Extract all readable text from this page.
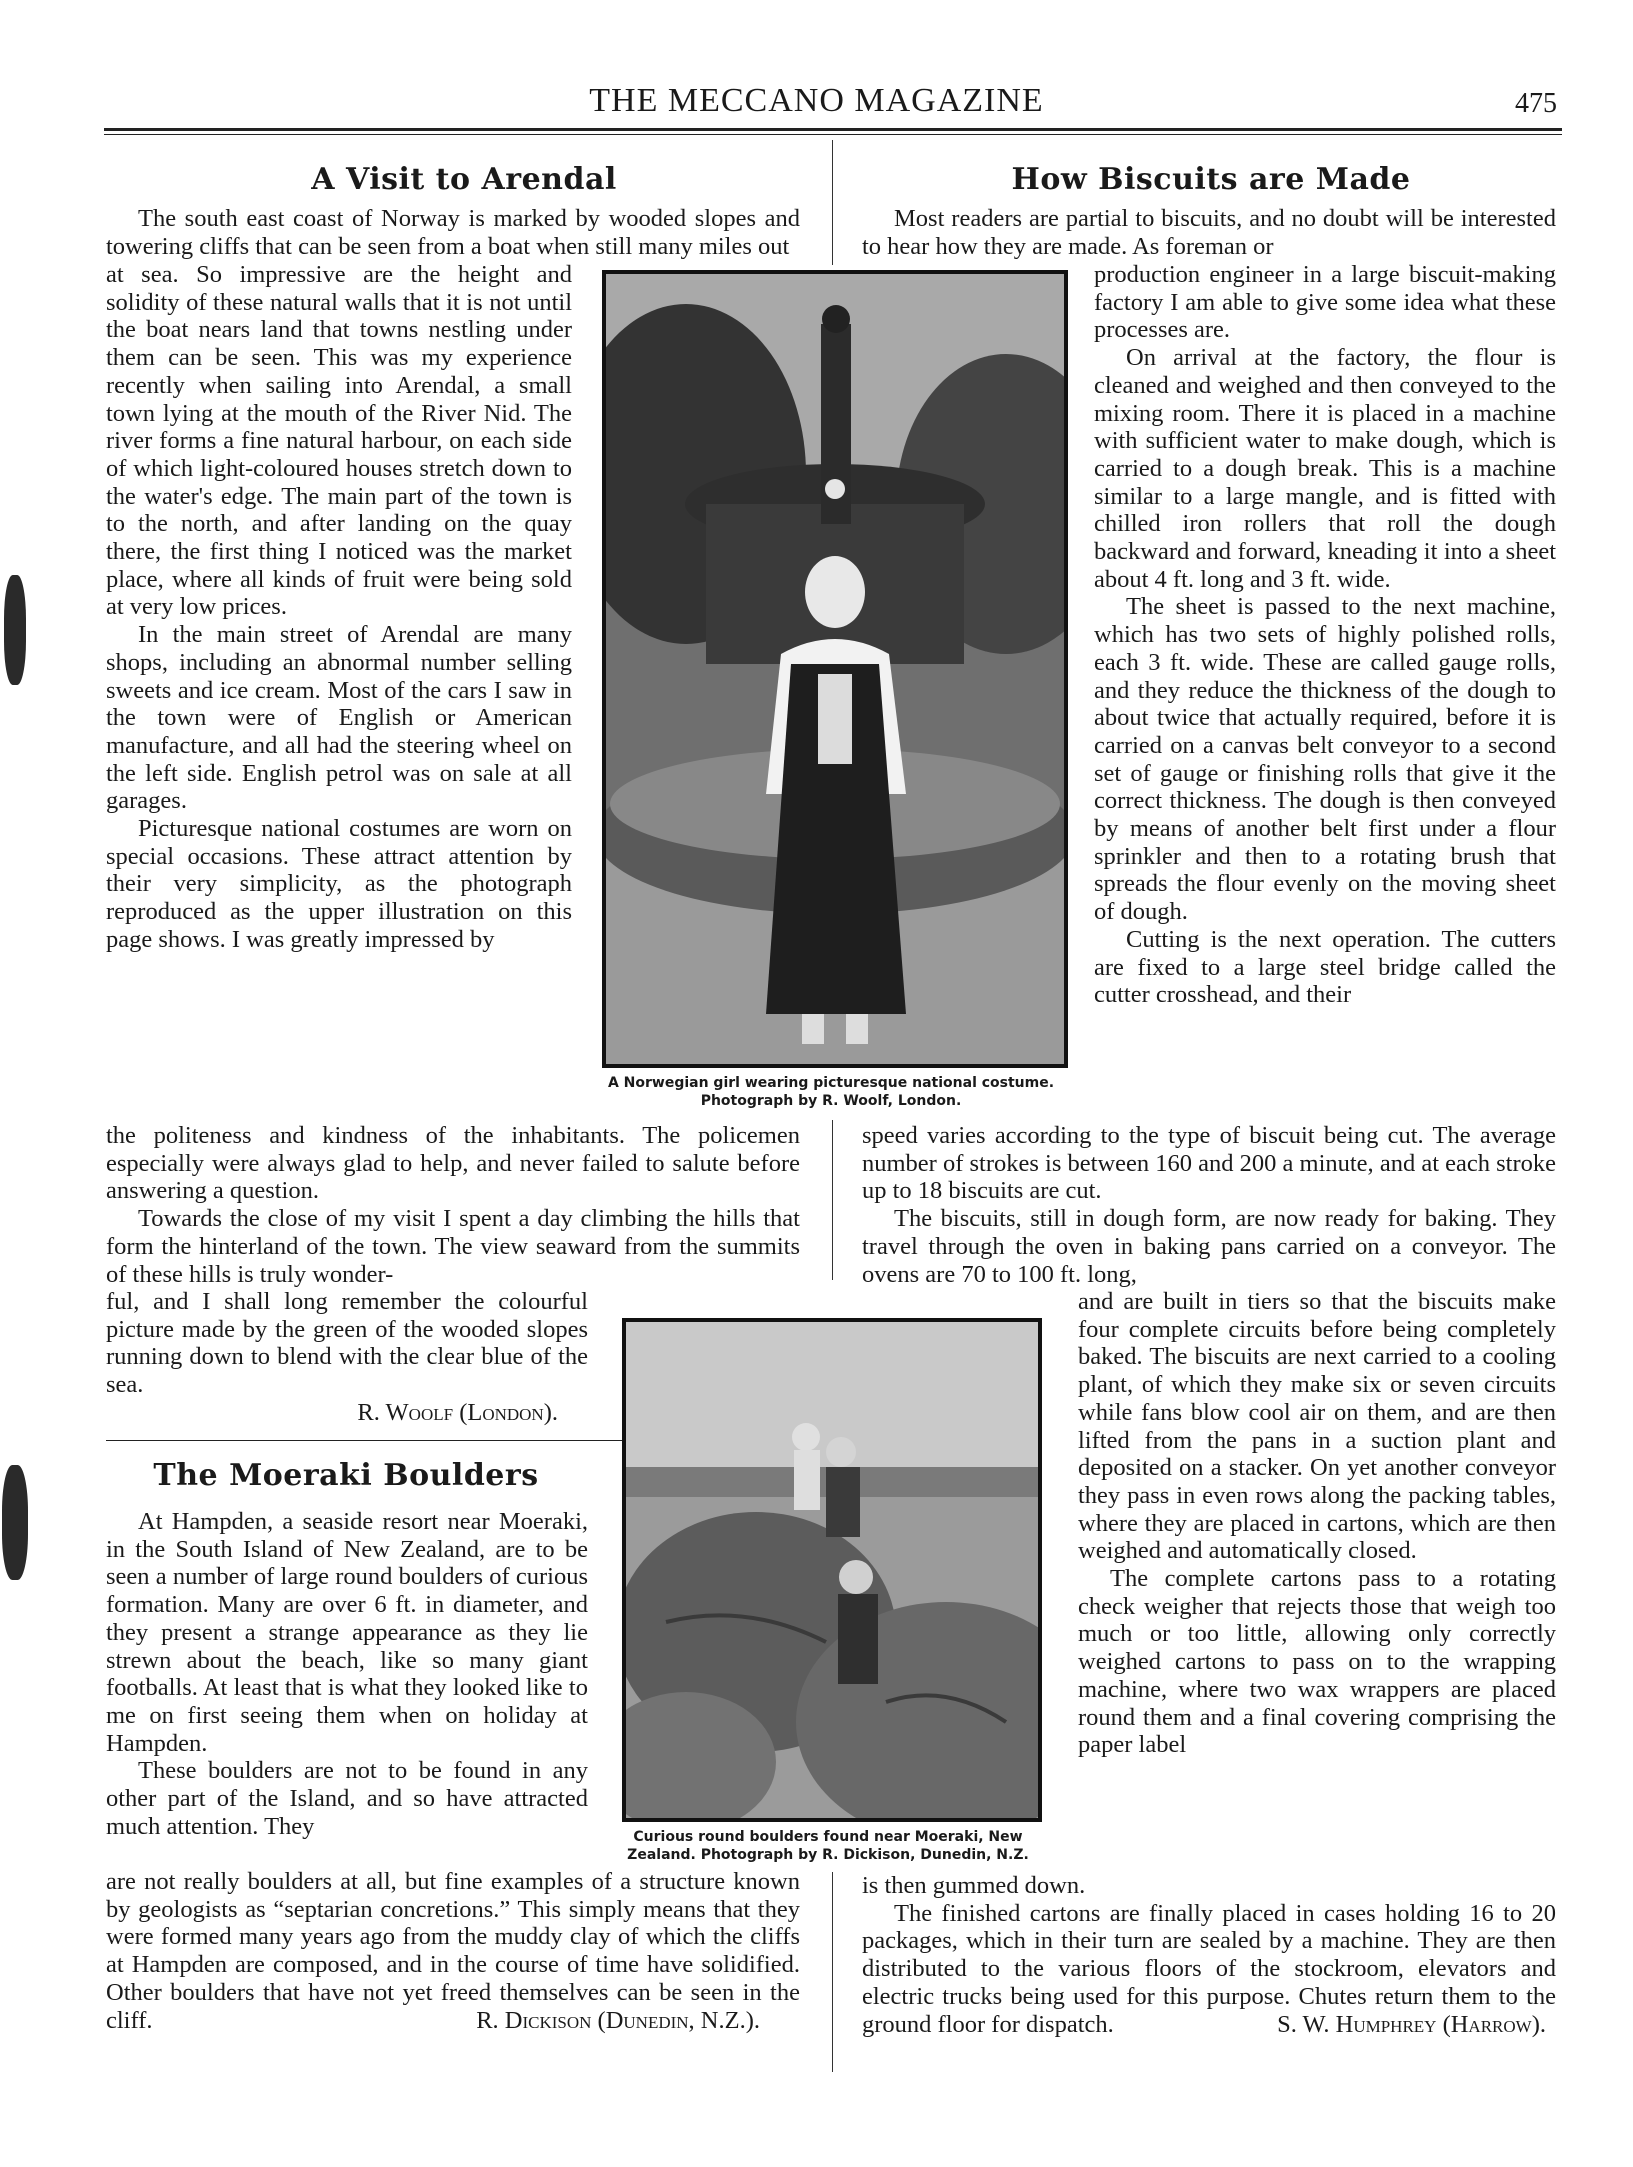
THE MECCANO MAGAZINE	475
A Visit to Arendal

The south east coast of Norway is marked by wooded slopes and towering cliffs that can be seen from a boat when still many miles out

at sea. So impressive are the height and solidity of these natural walls that it is not until the boat nears land that towns nestling under them can be seen. This was my experience recently when sailing into Arendal, a small town lying at the mouth of the River Nid. The river forms a fine natural harbour, on each side of which light-coloured houses stretch down to the water's edge. The main part of the town is to the north, and after landing on the quay there, the first thing I noticed was the market place, where all kinds of fruit were being sold at very low prices.

In the main street of Arendal are many shops, including an abnormal number selling sweets and ice cream. Most of the cars I saw in the town were of English or American manufacture, and all had the steering wheel on the left side. English petrol was on sale at all garages.

Picturesque national costumes are worn on special occasions. These attract attention by their very simplicity, as the photograph reproduced as the upper illustration on this page shows. I was greatly impressed by

the politeness and kindness of the inhabitants. The policemen especially were always glad to help, and never failed to salute before answering a question.

Towards the close of my visit I spent a day climbing the hills that form the hinterland of the town. The view seaward from the summits of these hills is truly wonder-

ful, and I shall long remember the colourful picture made by the green of the wooded slopes running down to blend with the clear blue of the sea.

R. Woolf (London).
A Norwegian girl wearing picturesque national costume.
Photograph by R. Woolf, London.
The Moeraki Boulders

At Hampden, a seaside resort near Moeraki, in the South Island of New Zealand, are to be seen a number of large round boulders of curious formation. Many are over 6 ft. in diameter, and they present a strange appearance as they lie strewn about the beach, like so many giant footballs. At least that is what they looked like to me on first seeing them when on holiday at Hampden.

These boulders are not to be found in any other part of the Island, and so have attracted much attention. They

are not really boulders at all, but fine examples of a structure known by geologists as “septarian concretions.” This simply means that they were formed many years ago from the muddy clay of which the cliffs at Hampden are composed, and in the course of time have solidified. Other boulders that have not yet freed themselves can be seen in the cliff.	R. Dickison (Dunedin, N.Z.).
Curious round boulders found near Moeraki, New
Zealand. Photograph by R. Dickison, Dunedin, N.Z.
How Biscuits are Made

Most readers are partial to biscuits, and no doubt will be interested to hear how they are made. As foreman or

production engineer in a large biscuit-making factory I am able to give some idea what these processes are.

On arrival at the factory, the flour is cleaned and weighed and then conveyed to the mixing room. There it is placed in a machine with sufficient water to make dough, which is carried to a dough break. This is a machine similar to a large mangle, and is fitted with chilled iron rollers that roll the dough backward and forward, kneading it into a sheet about 4 ft. long and 3 ft. wide.

The sheet is passed to the next machine, which has two sets of highly polished rolls, each 3 ft. wide. These are called gauge rolls, and they reduce the thickness of the dough to about twice that actually required, before it is carried on a canvas belt conveyor to a second set of gauge or finishing rolls that give it the correct thickness. The dough is then conveyed by means of another belt first under a flour sprinkler and then to a rotating brush that spreads the flour evenly on the moving sheet of dough.

Cutting is the next operation. The cutters are fixed to a large steel bridge called the cutter crosshead, and their

speed varies according to the type of biscuit being cut. The average number of strokes is between 160 and 200 a minute, and at each stroke up to 18 biscuits are cut.

The biscuits, still in dough form, are now ready for baking. They travel through the oven in baking pans carried on a conveyor. The ovens are 70 to 100 ft. long,

and are built in tiers so that the biscuits make four complete circuits before being completely baked. The biscuits are next carried to a cooling plant, of which they make six or seven circuits while fans blow cool air on them, and are then lifted from the pans in a suction plant and deposited on a stacker. On yet another conveyor they pass in even rows along the packing tables, where they are placed in cartons, which are then weighed and automatically closed.

The complete cartons pass to a rotating check weigher that rejects those that weigh too much or too little, allowing only correctly weighed cartons to pass on to the wrapping machine, where two wax wrappers are placed round them and a final covering comprising the paper label

is then gummed down.

The finished cartons are finally placed in cases holding 16 to 20 packages, which in their turn are sealed by a machine. They are then distributed to the various floors of the stockroom, elevators and electric trucks being used for this purpose. Chutes return them to the ground floor for dispatch.	S. W. Humphrey (Harrow).
